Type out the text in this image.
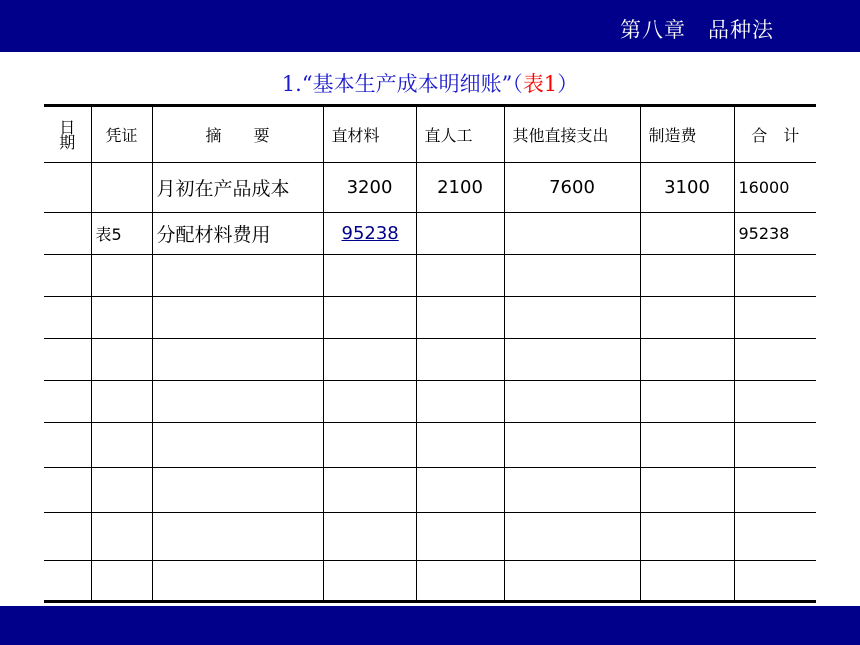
第八章　品种法
1.“基本生产成本明细账”（表1）
日
期	凭证	摘　　要	直材料	直人工	其他直接支出	制造费	合　计
		月初在产品成本	3200	2100	7600	3100	16000
	表5	分配材料费用	95238				95238
